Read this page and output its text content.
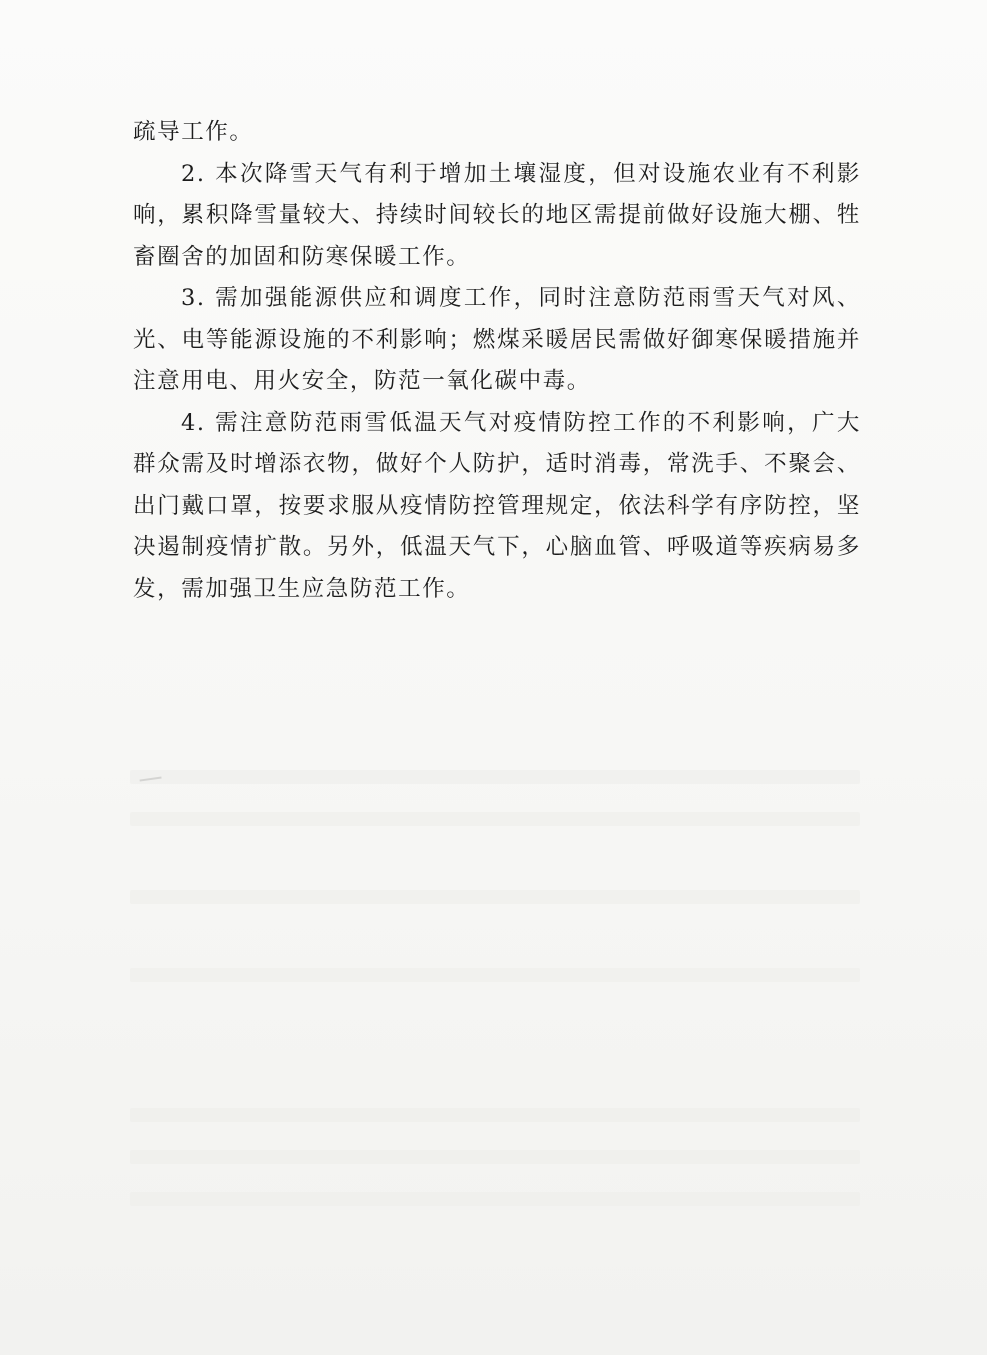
疏导工作。

2. 本次降雪天气有利于增加土壤湿度，但对设施农业有不利影响，累积降雪量较大、持续时间较长的地区需提前做好设施大棚、牲畜圈舍的加固和防寒保暖工作。

3. 需加强能源供应和调度工作，同时注意防范雨雪天气对风、光、电等能源设施的不利影响；燃煤采暖居民需做好御寒保暖措施并注意用电、用火安全，防范一氧化碳中毒。

4. 需注意防范雨雪低温天气对疫情防控工作的不利影响，广大群众需及时增添衣物，做好个人防护，适时消毒，常洗手、不聚会、出门戴口罩，按要求服从疫情防控管理规定，依法科学有序防控，坚决遏制疫情扩散。另外，低温天气下，心脑血管、呼吸道等疾病易多发，需加强卫生应急防范工作。
